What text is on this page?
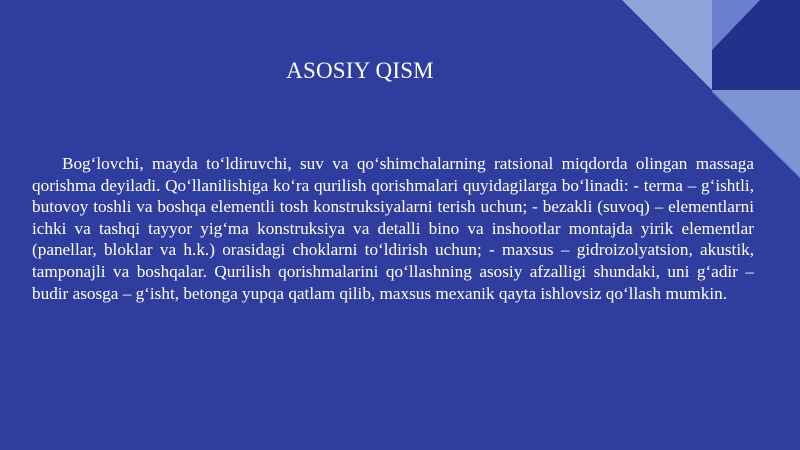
ASOSIY QISM

Bog‘lovchi, mayda to‘ldiruvchi, suv va qo‘shimchalarning ratsional miqdorda olingan massaga qorishma deyiladi. Qo‘llanilishiga ko‘ra qurilish qorishmalari quyidagilarga bo‘linadi: - terma – g‘ishtli, butovoy toshli va boshqa elementli tosh konstruksiyalarni terish uchun; - bezakli (suvoq) – elementlarni ichki va tashqi tayyor yig‘ma konstruksiya va detalli bino va inshootlar montajda yirik elementlar (panellar, bloklar va h.k.) orasidagi choklarni to‘ldirish uchun; - maxsus – gidroizolyatsion, akustik, tamponajli va boshqalar. Qurilish qorishmalarini qo‘llashning asosiy afzalligi shundaki, uni g‘adir – budir asosga – g‘isht, betonga yupqa qatlam qilib, maxsus mexanik qayta ishlovsiz qo‘llash mumkin.
